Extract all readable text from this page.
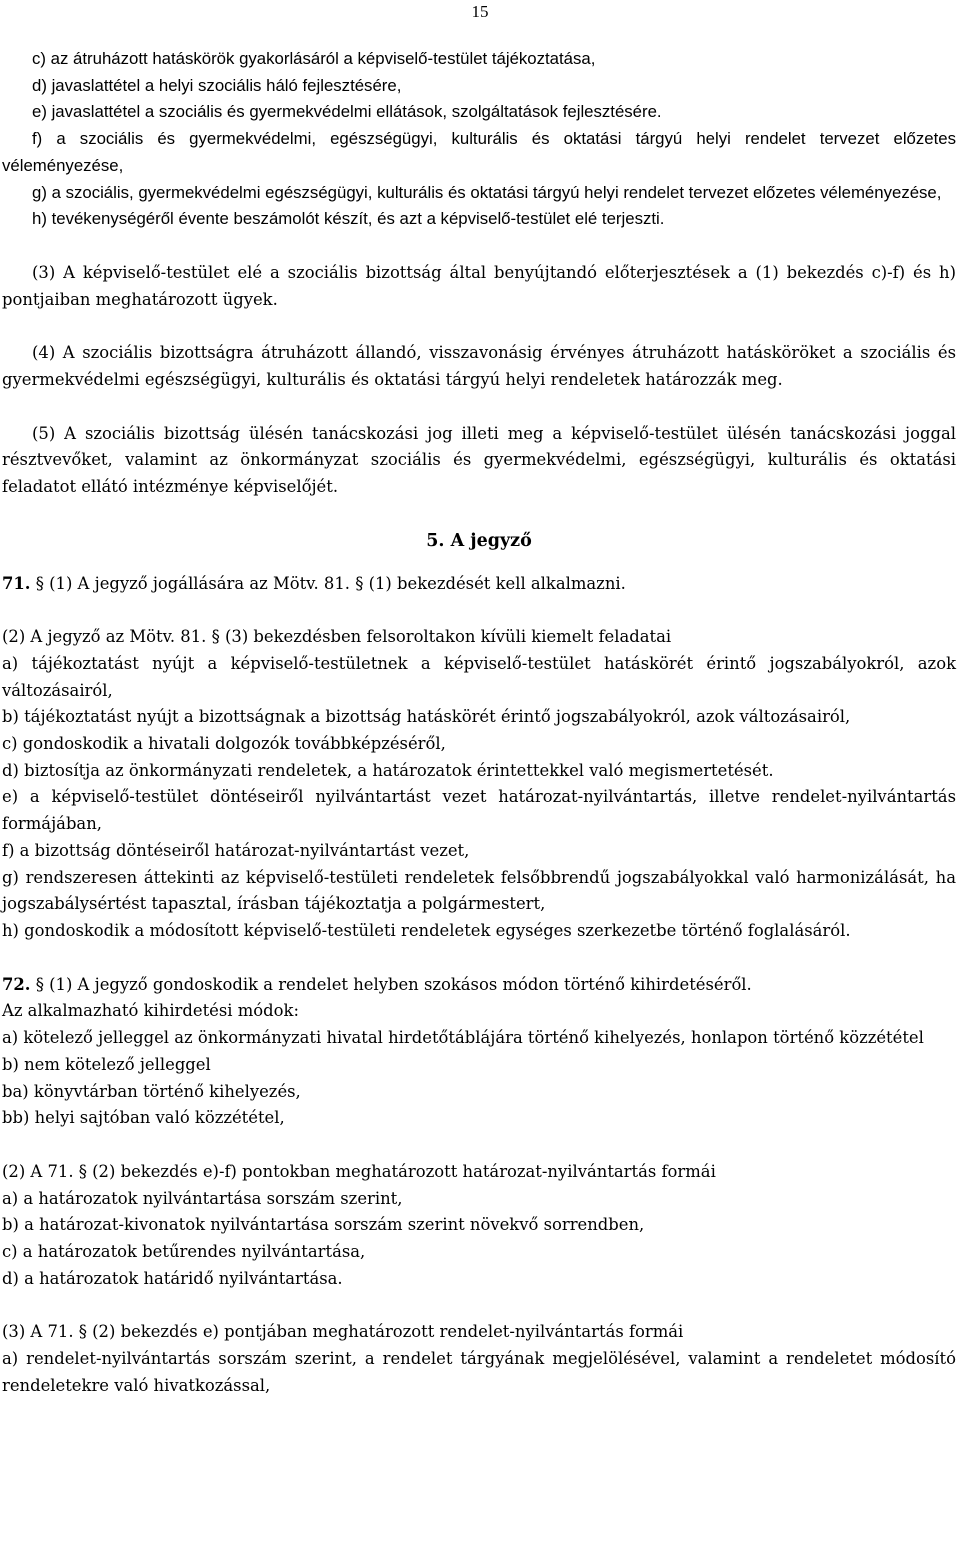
15

c) az átruházott hatáskörök gyakorlásáról a képviselő-testület tájékoztatása,

d) javaslattétel a helyi szociális háló fejlesztésére,

e) javaslattétel a szociális és gyermekvédelmi ellátások, szolgáltatások fejlesztésére.

f) a szociális és gyermekvédelmi, egészségügyi, kulturális és oktatási tárgyú helyi rendelet tervezet előzetes véleményezése,

g) a szociális, gyermekvédelmi egészségügyi, kulturális és oktatási tárgyú helyi rendelet tervezet előzetes véleményezése,

h) tevékenységéről évente beszámolót készít, és azt a képviselő-testület elé terjeszti.

(3) A képviselő-testület elé a szociális bizottság által benyújtandó előterjesztések a (1) bekezdés c)-f) és h) pontjaiban meghatározott ügyek.

(4) A szociális bizottságra átruházott állandó, visszavonásig érvényes átruházott hatásköröket a szociális és gyermekvédelmi egészségügyi, kulturális és oktatási tárgyú helyi rendeletek határozzák meg.

(5) A szociális bizottság ülésén tanácskozási jog illeti meg a képviselő-testület ülésén tanácskozási joggal résztvevőket, valamint az önkormányzat szociális és gyermekvédelmi, egészségügyi, kulturális és oktatási feladatot ellátó intézménye képviselőjét.

5. A jegyző

71. § (1) A jegyző jogállására az Mötv. 81. § (1) bekezdését kell alkalmazni.

(2) A jegyző az Mötv. 81. § (3) bekezdésben felsoroltakon kívüli kiemelt feladatai

a) tájékoztatást nyújt a képviselő-testületnek a képviselő-testület hatáskörét érintő jogszabályokról, azok változásairól,

b) tájékoztatást nyújt a bizottságnak a bizottság hatáskörét érintő jogszabályokról, azok változásairól,

c) gondoskodik a hivatali dolgozók továbbképzéséről,

d) biztosítja az önkormányzati rendeletek, a határozatok érintettekkel való megismertetését.

e) a képviselő-testület döntéseiről nyilvántartást vezet határozat-nyilvántartás, illetve rendelet-nyilvántartás formájában,

f) a bizottság döntéseiről határozat-nyilvántartást vezet,

g) rendszeresen áttekinti az képviselő-testületi rendeletek felsőbbrendű jogszabályokkal való harmonizálását, ha jogszabálysértést tapasztal, írásban tájékoztatja a polgármestert,

h) gondoskodik a módosított képviselő-testületi rendeletek egységes szerkezetbe történő foglalásáról.

72. § (1) A jegyző gondoskodik a rendelet helyben szokásos módon történő kihirdetéséről.

Az alkalmazható kihirdetési módok:

a) kötelező jelleggel az önkormányzati hivatal hirdetőtáblájára történő kihelyezés, honlapon történő közzététel

b) nem kötelező jelleggel

ba) könyvtárban történő kihelyezés,

bb) helyi sajtóban való közzététel,

(2) A 71. § (2) bekezdés e)-f) pontokban meghatározott határozat-nyilvántartás formái

a) a határozatok nyilvántartása sorszám szerint,

b) a határozat-kivonatok nyilvántartása sorszám szerint növekvő sorrendben,

c) a határozatok betűrendes nyilvántartása,

d) a határozatok határidő nyilvántartása.

(3) A 71. § (2) bekezdés e) pontjában meghatározott rendelet-nyilvántartás formái

a) rendelet-nyilvántartás sorszám szerint, a rendelet tárgyának megjelölésével, valamint a rendeletet módosító rendeletekre való hivatkozással,
